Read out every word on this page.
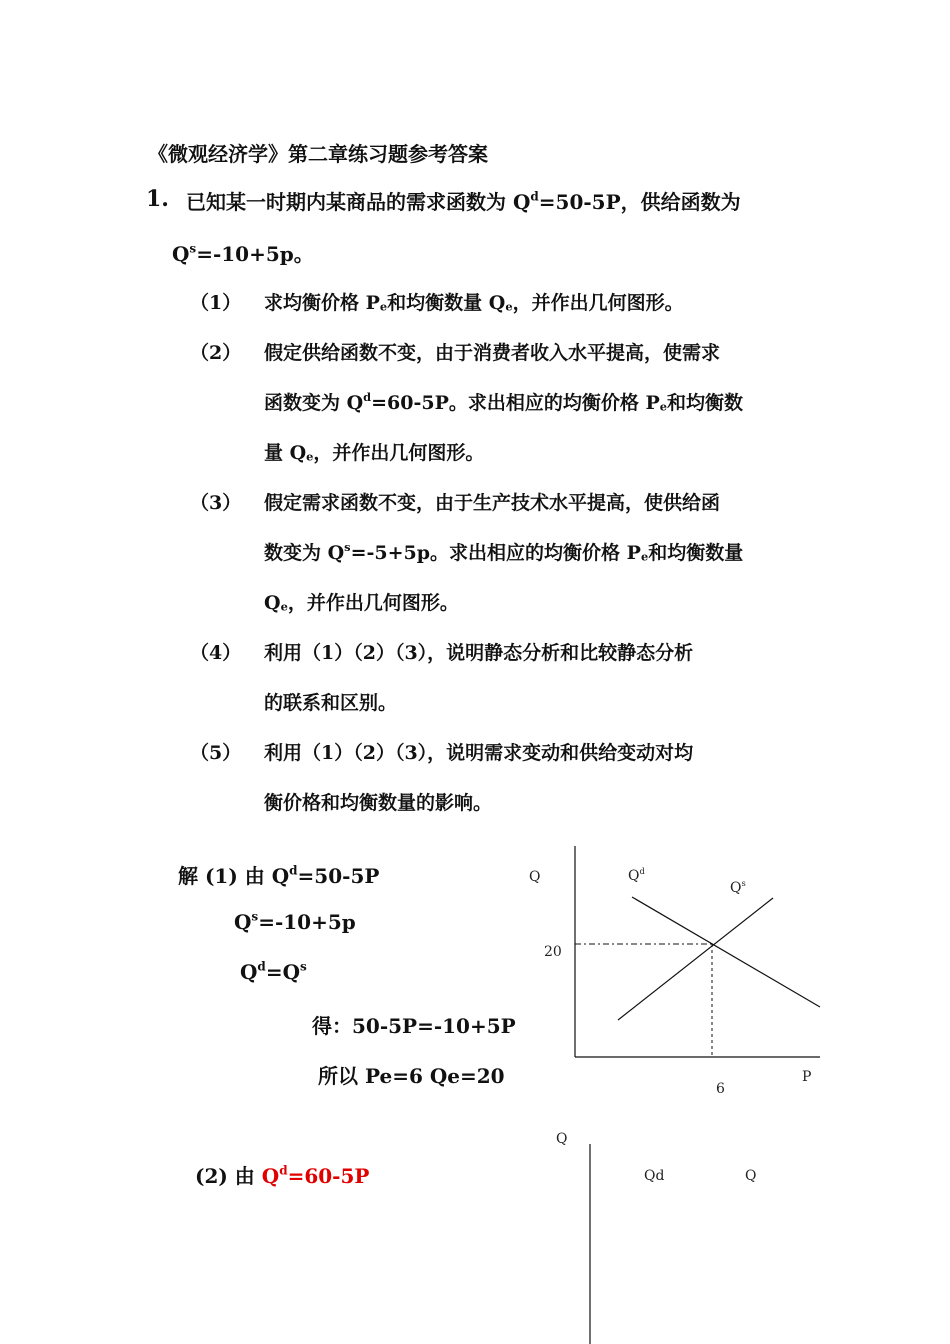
《微观经济学》第二章练习题参考答案
1. 已知某一时期内某商品的需求函数为 $Q^d=50-5P$，供给函数为
$Q^s=-10+5p$。
（1） 求均衡价格 $P_e$和均衡数量 $Q_e$，并作出几何图形。
（2） 假定供给函数不变，由于消费者收入水平提高，使需求
函数变为 $Q^d=60-5P$。求出相应的均衡价格 $P_e$和均衡数
量 $Q_e$，并作出几何图形。
（3） 假定需求函数不变，由于生产技术水平提高，使供给函
数变为 $Q^s=-5+5p$。求出相应的均衡价格 $P_e$和均衡数量
$Q_e$，并作出几何图形。
（4） 利用（1）（2）（3），说明静态分析和比较静态分析
的联系和区别。
（5） 利用（1）（2）（3），说明需求变动和供给变动对均
衡价格和均衡数量的影响。
解 (1) 由 $Q^d=50-5P$
$Q^s=-10+5p$
$Q^d=Q^s$
得：50-5P=-10+5P
所以 Pe=6 Qe=20
Q	$Q^d$
$Q^s$
20
6
P
(2) 由 $Q^d=60-5P$
Q
Qd	Q
